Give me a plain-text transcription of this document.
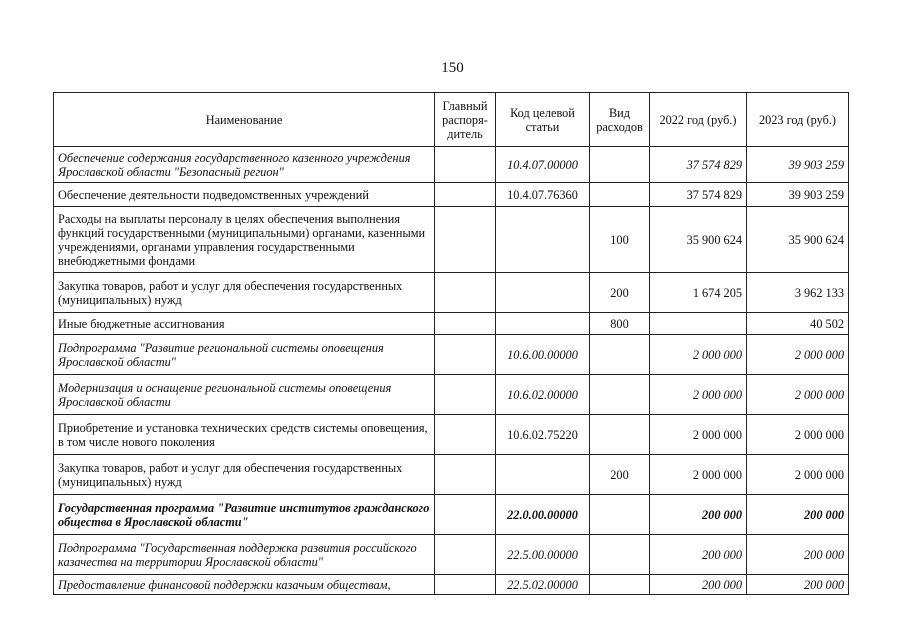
150
Наименование	Главный распоря-дитель	Код целевой статьи	Вид расходов	2022 год (руб.)	2023 год (руб.)
Обеспечение содержания государственного казенного учреждения Ярославской области "Безопасный регион"		10.4.07.00000		37 574 829	39 903 259
Обеспечение деятельности подведомственных учреждений		10.4.07.76360		37 574 829	39 903 259
Расходы на выплаты персоналу в целях обеспечения выполнения функций государственными (муниципальными) органами, казенными учреждениями, органами управления государственными внебюджетными фондами			100	35 900 624	35 900 624
Закупка товаров, работ и услуг для обеспечения государственных (муниципальных) нужд			200	1 674 205	3 962 133
Иные бюджетные ассигнования			800		40 502
Подпрограмма "Развитие региональной системы оповещения Ярославской области"		10.6.00.00000		2 000 000	2 000 000
Модернизация и оснащение региональной системы оповещения Ярославской области		10.6.02.00000		2 000 000	2 000 000
Приобретение и установка технических средств системы оповещения, в том числе нового поколения		10.6.02.75220		2 000 000	2 000 000
Закупка товаров, работ и услуг для обеспечения государственных (муниципальных) нужд			200	2 000 000	2 000 000
Государственная программа "Развитие институтов гражданского общества в Ярославской области"		22.0.00.00000		200 000	200 000
Подпрограмма "Государственная поддержка развития российского казачества на территории Ярославской области"		22.5.00.00000		200 000	200 000
Предоставление финансовой поддержки казачьим обществам,		22.5.02.00000		200 000	200 000
